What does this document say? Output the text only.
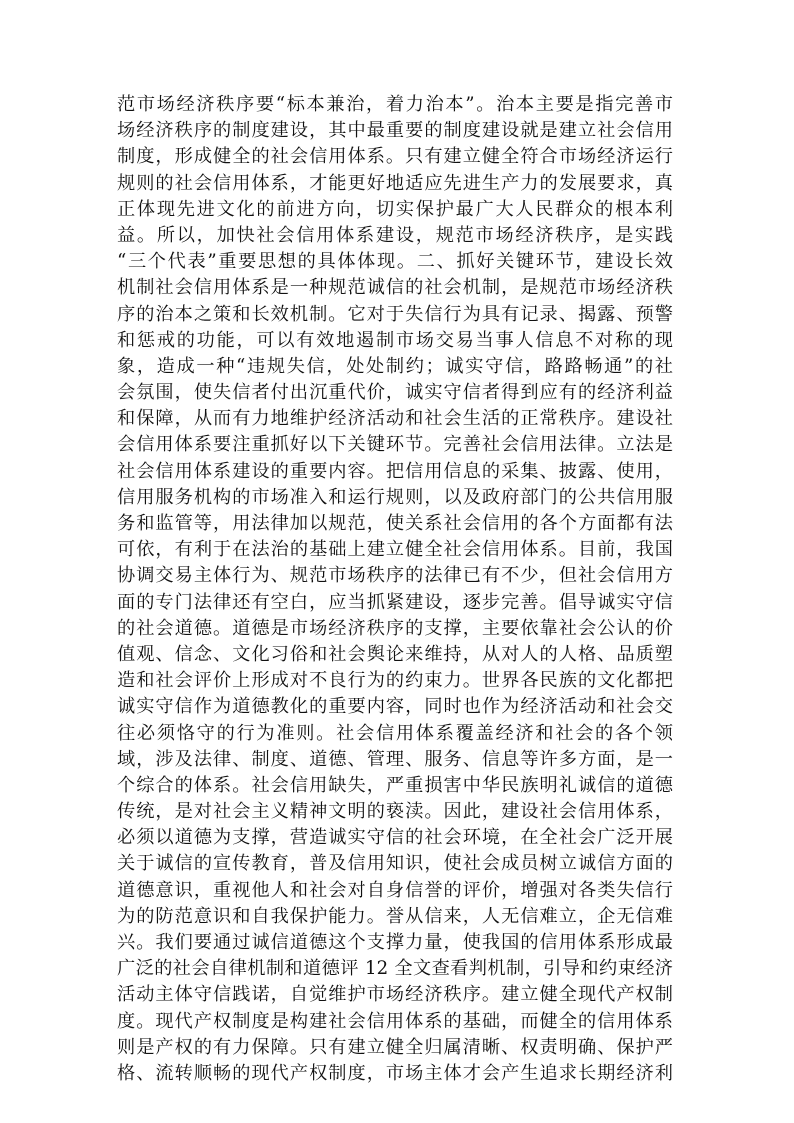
范市场经济秩序要“标本兼治，着力治本”。治本主要是指完善市
场经济秩序的制度建设，其中最重要的制度建设就是建立社会信用
制度，形成健全的社会信用体系。只有建立健全符合市场经济运行
规则的社会信用体系，才能更好地适应先进生产力的发展要求，真
正体现先进文化的前进方向，切实保护最广大人民群众的根本利
益。所以，加快社会信用体系建设，规范市场经济秩序，是实践
“三个代表”重要思想的具体体现。二、抓好关键环节，建设长效
机制社会信用体系是一种规范诚信的社会机制，是规范市场经济秩
序的治本之策和长效机制。它对于失信行为具有记录、揭露、预警
和惩戒的功能，可以有效地遏制市场交易当事人信息不对称的现
象，造成一种“违规失信，处处制约；诚实守信，路路畅通”的社
会氛围，使失信者付出沉重代价，诚实守信者得到应有的经济利益
和保障，从而有力地维护经济活动和社会生活的正常秩序。建设社
会信用体系要注重抓好以下关键环节。完善社会信用法律。立法是
社会信用体系建设的重要内容。把信用信息的采集、披露、使用，
信用服务机构的市场准入和运行规则，以及政府部门的公共信用服
务和监管等，用法律加以规范，使关系社会信用的各个方面都有法
可依，有利于在法治的基础上建立健全社会信用体系。目前，我国
协调交易主体行为、规范市场秩序的法律已有不少，但社会信用方
面的专门法律还有空白，应当抓紧建设，逐步完善。倡导诚实守信
的社会道德。道德是市场经济秩序的支撑，主要依靠社会公认的价
值观、信念、文化习俗和社会舆论来维持，从对人的人格、品质塑
造和社会评价上形成对不良行为的约束力。世界各民族的文化都把
诚实守信作为道德教化的重要内容，同时也作为经济活动和社会交
往必须恪守的行为准则。社会信用体系覆盖经济和社会的各个领
域，涉及法律、制度、道德、管理、服务、信息等许多方面，是一
个综合的体系。社会信用缺失，严重损害中华民族明礼诚信的道德
传统，是对社会主义精神文明的亵渎。因此，建设社会信用体系，
必须以道德为支撑，营造诚实守信的社会环境，在全社会广泛开展
关于诚信的宣传教育，普及信用知识，使社会成员树立诚信方面的
道德意识，重视他人和社会对自身信誉的评价，增强对各类失信行
为的防范意识和自我保护能力。誉从信来，人无信难立，企无信难
兴。我们要通过诚信道德这个支撑力量，使我国的信用体系形成最
广泛的社会自律机制和道德评 12 全文查看判机制，引导和约束经济
活动主体守信践诺，自觉维护市场经济秩序。建立健全现代产权制
度。现代产权制度是构建社会信用体系的基础，而健全的信用体系
则是产权的有力保障。只有建立健全归属清晰、权责明确、保护严
格、流转顺畅的现代产权制度，市场主体才会产生追求长期经济利
